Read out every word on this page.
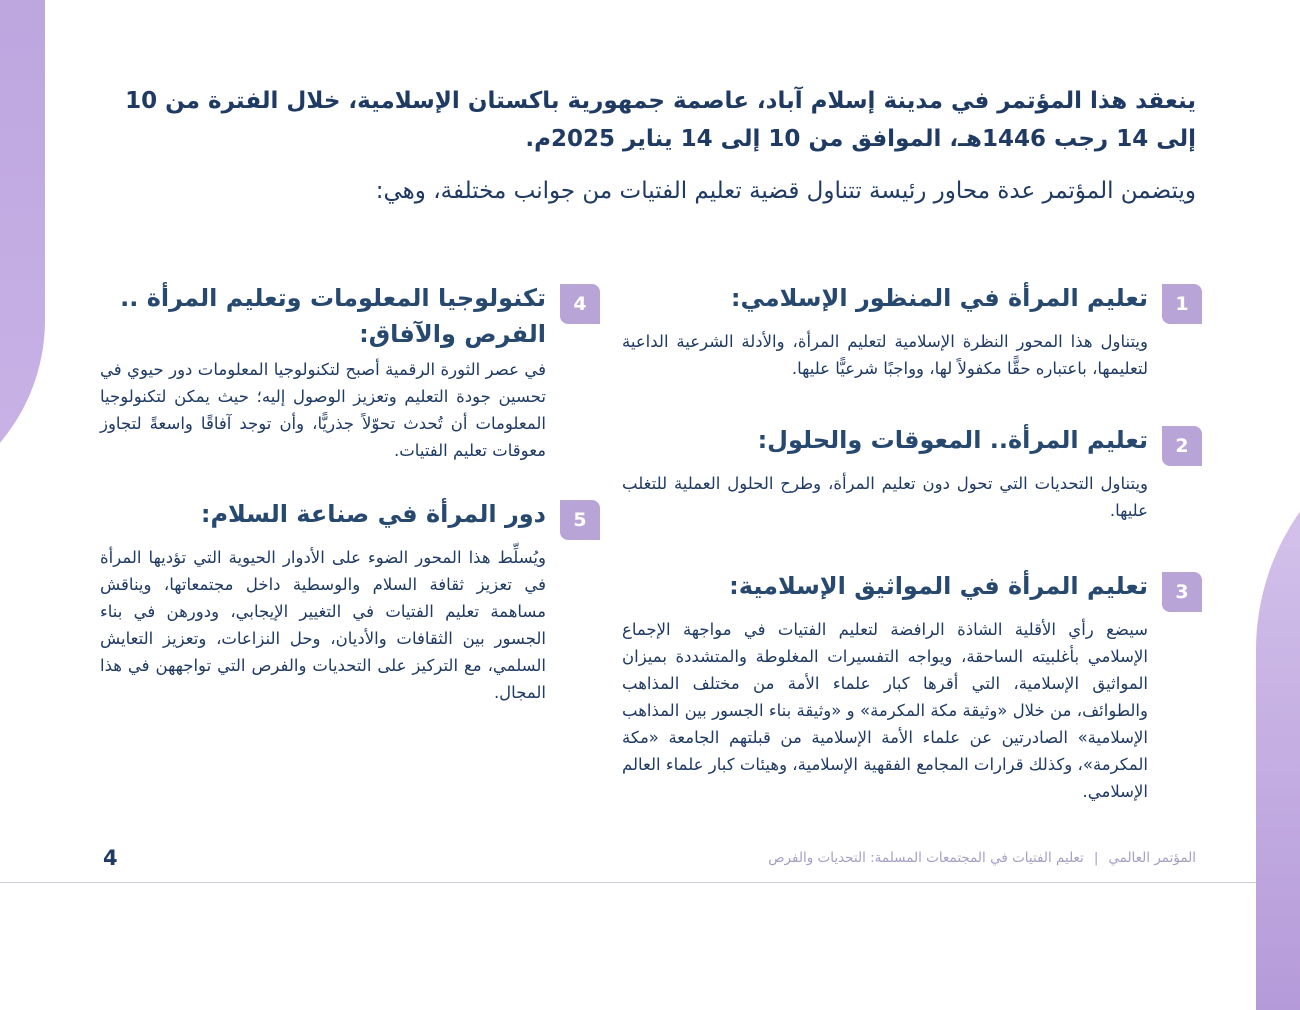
ينعقد هذا المؤتمر في مدينة إسلام آباد، عاصمة جمهورية باكستان الإسلامية، خلال الفترة من 10 إلى 14 رجب 1446هـ، الموافق من 10 إلى 14 يناير 2025م.

ويتضمن المؤتمر عدة محاور رئيسة تتناول قضية تعليم الفتيات من جوانب مختلفة، وهي:

1
تعليم المرأة في المنظور الإسلامي:

ويتناول هذا المحور النظرة الإسلامية لتعليم المرأة، والأدلة الشرعية الداعية لتعليمها، باعتباره حقًّا مكفولاً لها، وواجبًا شرعيًّا عليها.

2
تعليم المرأة.. المعوقات والحلول:

ويتناول التحديات التي تحول دون تعليم المرأة، وطرح الحلول العملية للتغلب عليها.

3
تعليم المرأة في المواثيق الإسلامية:

سيضع رأي الأقلية الشاذة الرافضة لتعليم الفتيات في مواجهة الإجماع الإسلامي بأغلبيته الساحقة، ويواجه التفسيرات المغلوطة والمتشددة بميزان المواثيق الإسلامية، التي أقرها كبار علماء الأمة من مختلف المذاهب والطوائف، من خلال «وثيقة مكة المكرمة» و «وثيقة بناء الجسور بين المذاهب الإسلامية» الصادرتين عن علماء الأمة الإسلامية من قبلتهم الجامعة «مكة المكرمة»، وكذلك قرارات المجامع الفقهية الإسلامية، وهيئات كبار علماء العالم الإسلامي.

4
تكنولوجيا المعلومات وتعليم المرأة .. الفرص والآفاق:

في عصر الثورة الرقمية أصبح لتكنولوجيا المعلومات دور حيوي في تحسين جودة التعليم وتعزيز الوصول إليه؛ حيث يمكن لتكنولوجيا المعلومات أن تُحدث تحوّلاً جذريًّا، وأن توجد آفاقًا واسعةً لتجاوز معوقات تعليم الفتيات.

5
دور المرأة في صناعة السلام:

ويُسلِّط هذا المحور الضوء على الأدوار الحيوية التي تؤديها المرأة في تعزيز ثقافة السلام والوسطية داخل مجتمعاتها، ويناقش مساهمة تعليم الفتيات في التغيير الإيجابي، ودورهن في بناء الجسور بين الثقافات والأديان، وحل النزاعات، وتعزيز التعايش السلمي، مع التركيز على التحديات والفرص التي تواجههن في هذا المجال.

4	المؤتمر العالمي|تعليم الفتيات في المجتمعات المسلمة: التحديات والفرص
